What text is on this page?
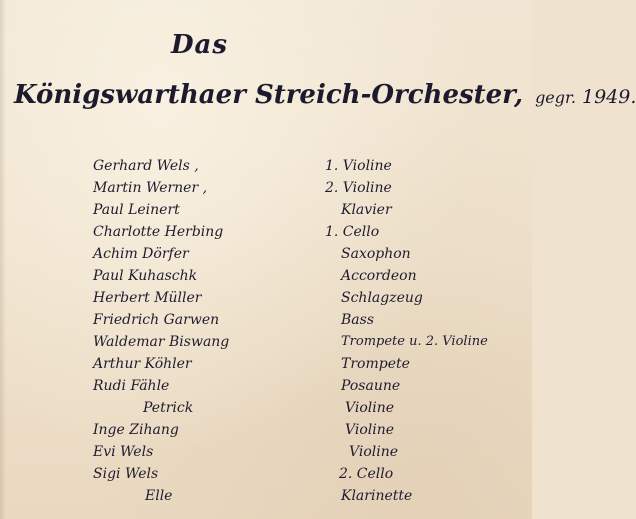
Das
Königswarthaer Streich-Orchester, gegr. 1949.
Gerhard Wels ,	1. Violine
Martin Werner ,	2. Violine
Paul Leinert	Klavier
Charlotte Herbing	1. Cello
Achim Dörfer	Saxophon
Paul Kuhaschk	Accordeon
Herbert Müller	Schlagzeug
Friedrich Garwen	Bass
Waldemar Biswang	Trompete u. 2. Violine
Arthur Köhler	Trompete
Rudi Fähle	Posaune
Petrick	Violine
Inge Zihang	Violine
Evi Wels	Violine
Sigi Wels	2. Cello
Elle	Klarinette
